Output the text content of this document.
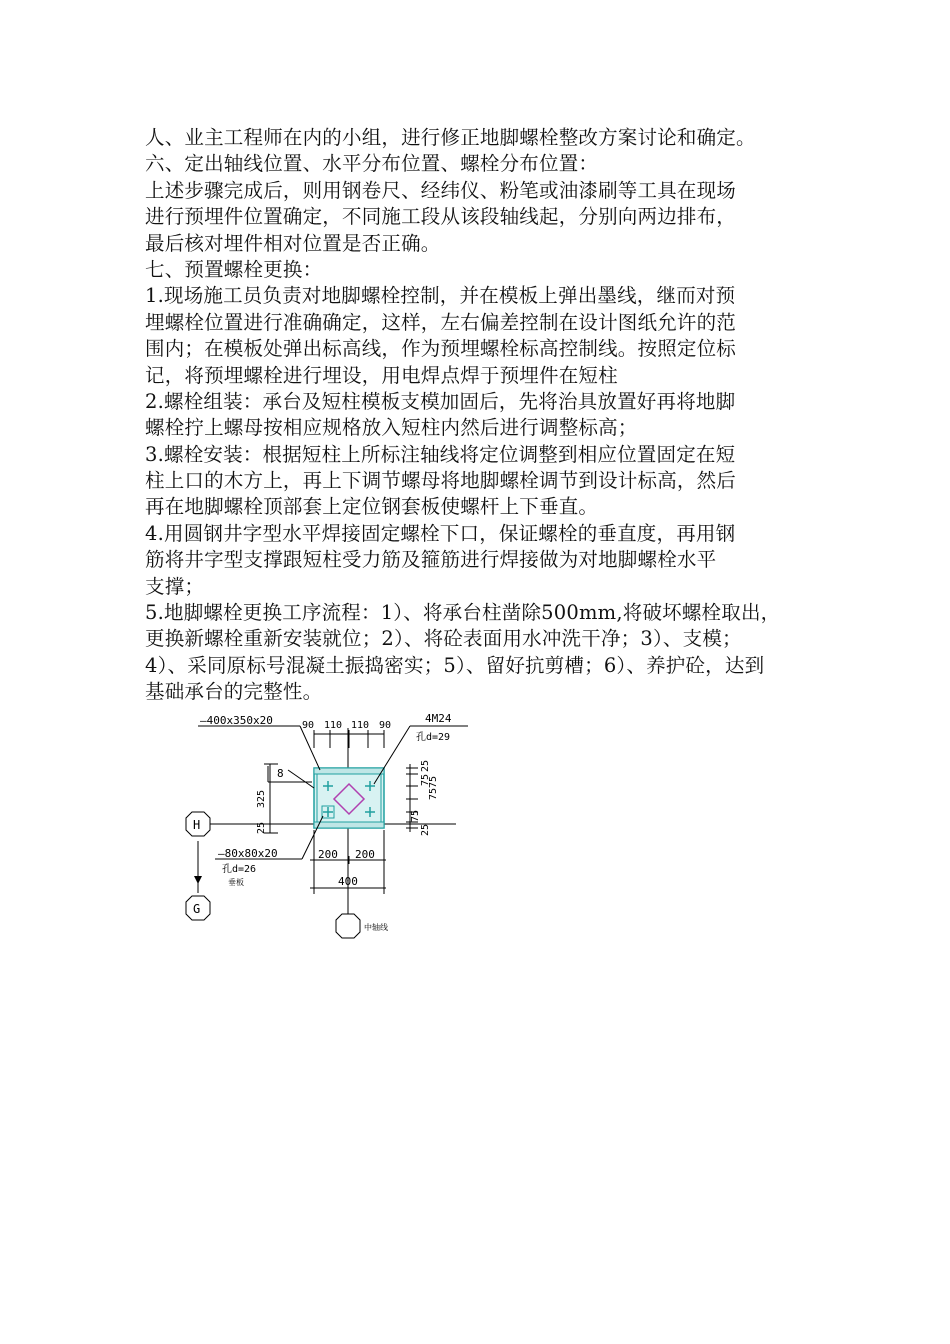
人、业主工程师在内的小组，进行修正地脚螺栓整改方案讨论和确定。
六、定出轴线位置、水平分布位置、螺栓分布位置：
上述步骤完成后，则用钢卷尺、经纬仪、粉笔或油漆刷等工具在现场
进行预埋件位置确定，不同施工段从该段轴线起，分别向两边排布，
最后核对埋件相对位置是否正确。
七、预置螺栓更换：
1.现场施工员负责对地脚螺栓控制，并在模板上弹出墨线，继而对预
埋螺栓位置进行准确确定，这样，左右偏差控制在设计图纸允许的范
围内；在模板处弹出标高线，作为预埋螺栓标高控制线。按照定位标
记，将预埋螺栓进行埋设，用电焊点焊于预埋件在短柱
2.螺栓组装：承台及短柱模板支模加固后，先将治具放置好再将地脚
螺栓拧上螺母按相应规格放入短柱内然后进行调整标高；
3.螺栓安装：根据短柱上所标注轴线将定位调整到相应位置固定在短
柱上口的木方上，再上下调节螺母将地脚螺栓调节到设计标高，然后
再在地脚螺栓顶部套上定位钢套板使螺杆上下垂直。
4.用圆钢井字型水平焊接固定螺栓下口，保证螺栓的垂直度，再用钢
筋将井字型支撑跟短柱受力筋及箍筋进行焊接做为对地脚螺栓水平
支撑；
5.地脚螺栓更换工序流程：1）、将承台柱凿除500mm,将破坏螺栓取出，
更换新螺栓重新安装就位；2）、将砼表面用水冲洗干净；3）、支模；
4）、采同原标号混凝土振捣密实；5）、留好抗剪槽；6）、养护砼，达到
基础承台的完整性。
90 110 110 90
—400x350x20	4M24
孔d=29
8
325
25
75
25
75
75
75
25
—80x80x20
孔d=26
垂板
200 200
400
H
G
中轴线
